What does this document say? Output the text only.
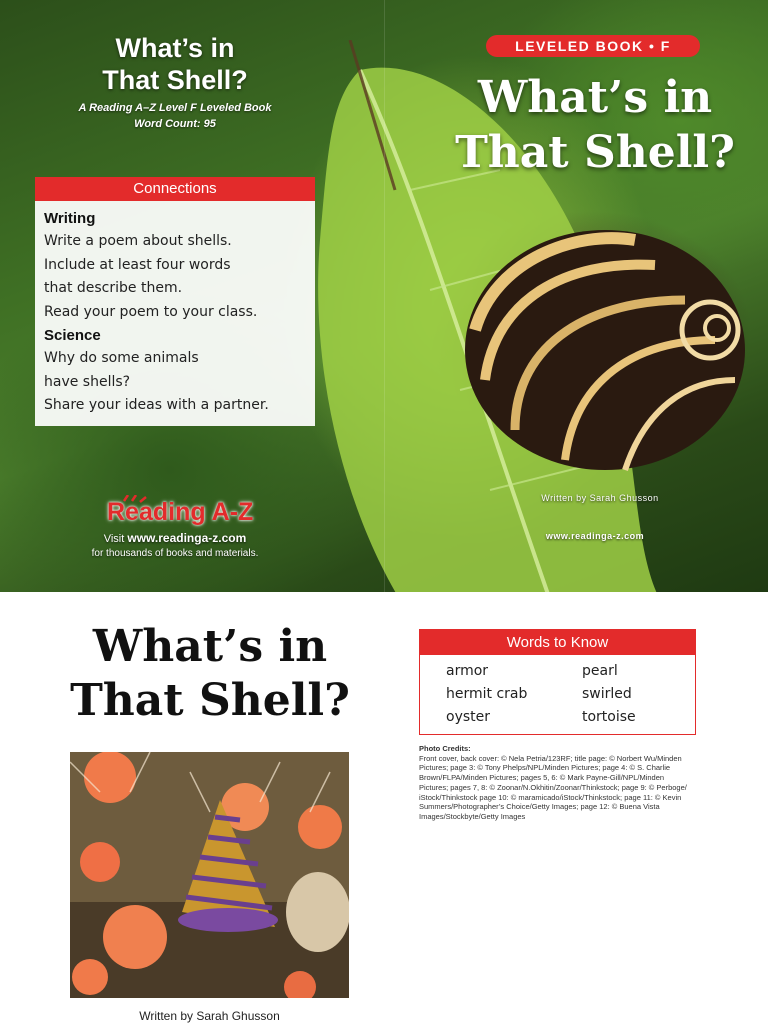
What’s in
That Shell?
A Reading A–Z Level F Leveled Book
Word Count: 95
Connections
Writing
Write a poem about shells.
Include at least four words
that describe them.
Read your poem to your class.
Science
Why do some animals
have shells?
Share your ideas with a partner.
Reading A-Z
Visit www.readinga-z.com
for thousands of books and materials.
LEVELED BOOK • F
What’s in
That Shell?
Written by Sarah Ghusson
www.readinga-z.com
What’s in
That Shell?
Written by Sarah Ghusson
Words to Know
armor
hermit crab
oyster
pearl
swirled
tortoise
Photo Credits:
Front cover, back cover: © Nela Petria/123RF; title page: © Norbert Wu/Minden
Pictures; page 3: © Tony Phelps/NPL/Minden Pictures; page 4: © S. Charlie
Brown/FLPA/Minden Pictures; pages 5, 6: © Mark Payne-Gill/NPL/Minden
Pictures; pages 7, 8: © Zoonar/N.Okhitin/Zoonar/Thinkstock; page 9: © Perboge/
iStock/Thinkstock page 10: © maramicado/iStock/Thinkstock; page 11: © Kevin
Summers/Photographer’s Choice/Getty Images; page 12: © Buena Vista
Images/Stockbyte/Getty Images
